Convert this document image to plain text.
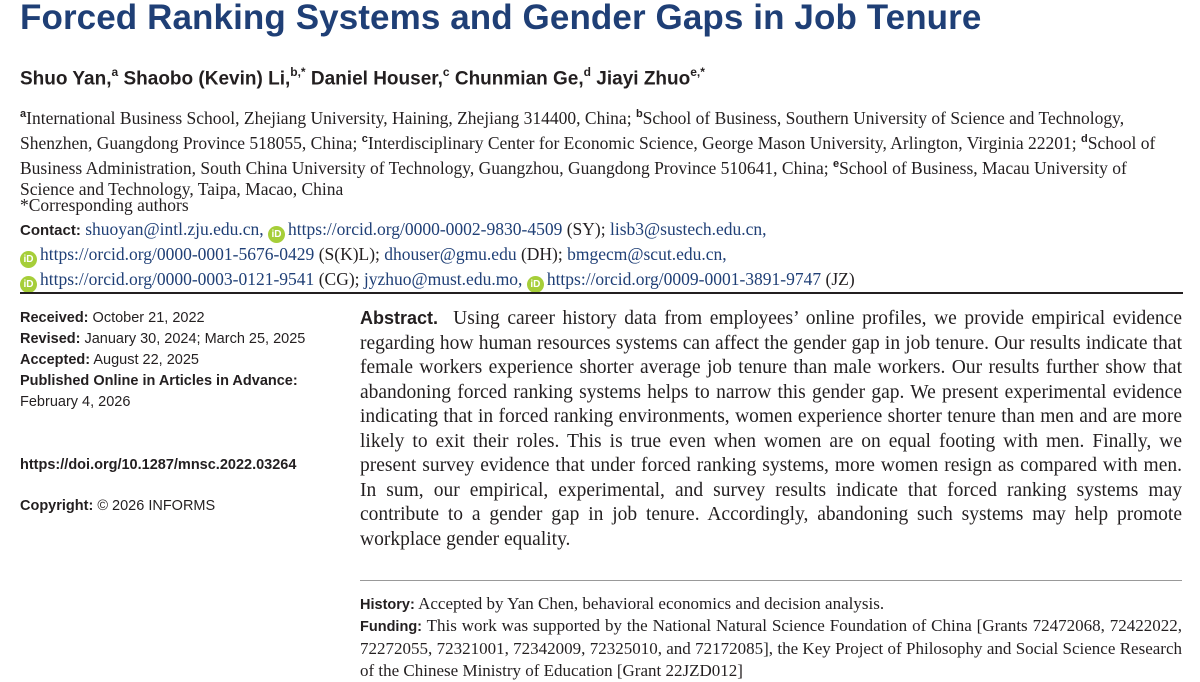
Forced Ranking Systems and Gender Gaps in Job Tenure
Shuo Yan,$^a$ Shaobo (Kevin) Li,$^{b,*}$ Daniel Houser,$^c$ Chunmian Ge,$^d$ Jiayi Zhuo$^{e,*}$
$^a$International Business School, Zhejiang University, Haining, Zhejiang 314400, China; $^b$School of Business, Southern University of Science and Technology, Shenzhen, Guangdong Province 518055, China; $^c$Interdisciplinary Center for Economic Science, George Mason University, Arlington, Virginia 22201; $^d$School of Business Administration, South China University of Technology, Guangzhou, Guangdong Province 510641, China; $^e$School of Business, Macau University of Science and Technology, Taipa, Macao, China
*Corresponding authors
Contact: shuoyan@intl.zju.edu.cn, iD https://orcid.org/0000-0002-9830-4509 (SY); lisb3@sustech.edu.cn,
iD https://orcid.org/0000-0001-5676-0429 (S(K)L); dhouser@gmu.edu (DH); bmgecm@scut.edu.cn,
iD https://orcid.org/0000-0003-0121-9541 (CG); jyzhuo@must.edu.mo, iD https://orcid.org/0009-0001-3891-9747 (JZ)
Received: October 21, 2022
Revised: January 30, 2024; March 25, 2025
Accepted: August 22, 2025
Published Online in Articles in Advance:
February 4, 2026
https://doi.org/10.1287/mnsc.2022.03264
Copyright: © 2026 INFORMS
Abstract. Using career history data from employees’ online profiles, we provide empirical evidence regarding how human resources systems can affect the gender gap in job tenure. Our results indicate that female workers experience shorter average job tenure than male workers. Our results further show that abandoning forced ranking systems helps to narrow this gender gap. We present experimental evidence indicating that in forced ranking environments, women experience shorter tenure than men and are more likely to exit their roles. This is true even when women are on equal footing with men. Finally, we present survey evidence that under forced ranking systems, more women resign as compared with men. In sum, our empirical, experimental, and survey results indicate that forced ranking systems may contribute to a gender gap in job tenure. Accordingly, abandoning such systems may help promote workplace gender equality.
History: Accepted by Yan Chen, behavioral economics and decision analysis.
Funding: This work was supported by the National Natural Science Foundation of China [Grants 72472068, 72422022, 72272055, 72321001, 72342009, 72325010, and 72172085], the Key Project of Philosophy and Social Science Research of the Chinese Ministry of Education [Grant 22JZD012]
